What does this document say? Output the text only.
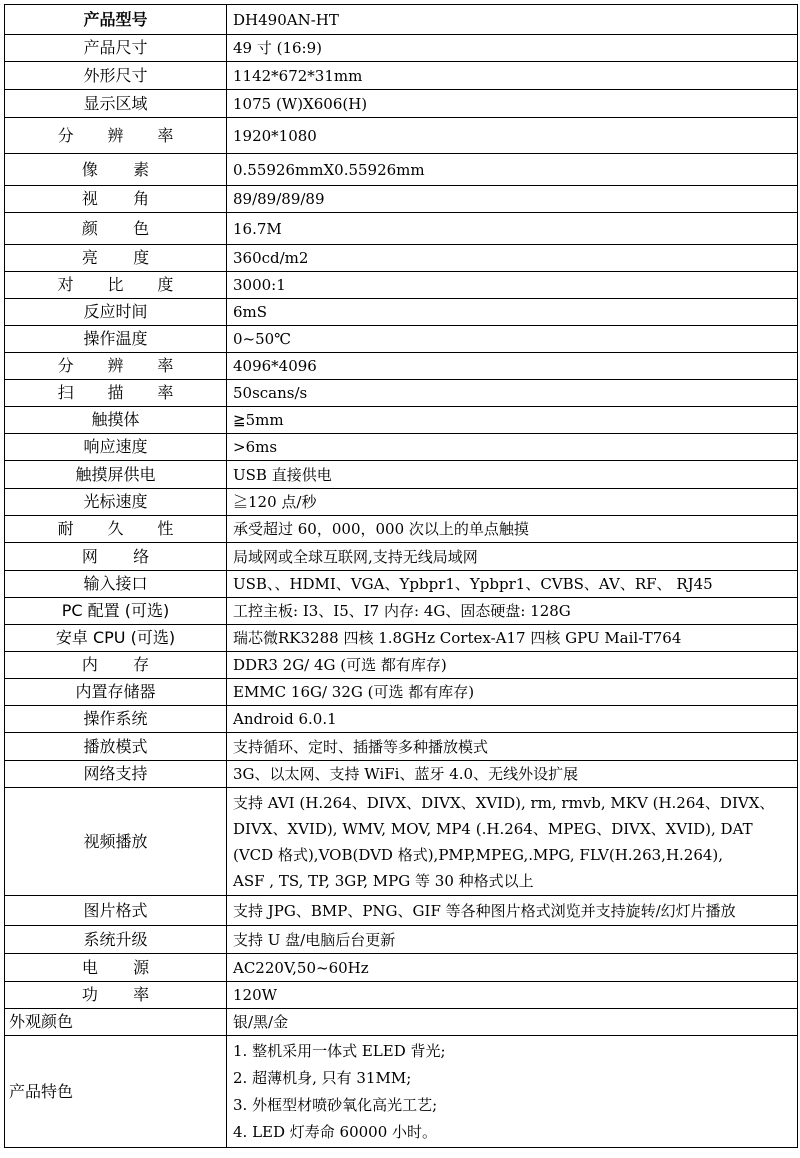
产品型号	DH490AN-HT
产品尺寸	49 寸 (16:9)
外形尺寸	1142*672*31mm
显示区域	1075 (W)X606(H)
分 辨 率	1920*1080
像素	0.55926mmX0.55926mm
视角	89/89/89/89
颜色	16.7M
亮度	360cd/m2
对 比 度	3000:1
反应时间	6mS
操作温度	0~50℃
分 辨 率	4096*4096
扫 描 率	50scans/s
触摸体	≧5mm
响应速度	>6ms
触摸屏供电	USB 直接供电
光标速度	≧120 点/秒
耐 久 性	承受超过 60，000，000 次以上的单点触摸
网络	局域网或全球互联网,支持无线局域网
输入接口	USB、、HDMI、VGA、Ypbpr1、Ypbpr1、CVBS、AV、RF、 RJ45
PC 配置 (可选)	工控主板: I3、I5、I7 内存: 4G、固态硬盘: 128G
安卓 CPU (可选)	瑞芯微RK3288 四核 1.8GHz Cortex-A17 四核 GPU Mail-T764
内存	DDR3 2G/ 4G (可选 都有库存)
内置存储器	EMMC 16G/ 32G (可选 都有库存)
操作系统	Android 6.0.1
播放模式	支持循环、定时、插播等多种播放模式
网络支持	3G、以太网、支持 WiFi、蓝牙 4.0、无线外设扩展
视频播放	支持 AVI (H.264、DIVX、DIVX、XVID), rm, rmvb, MKV (H.264、DIVX、
DIVX、XVID), WMV, MOV, MP4 (.H.264、MPEG、DIVX、XVID), DAT
(VCD 格式),VOB(DVD 格式),PMP,MPEG,.MPG, FLV(H.263,H.264),
ASF , TS, TP, 3GP, MPG 等 30 种格式以上

图片格式	支持 JPG、BMP、PNG、GIF 等各种图片格式浏览并支持旋转/幻灯片播放
系统升级	支持 U 盘/电脑后台更新
电源	AC220V,50~60Hz
功率	120W
外观颜色	银/黑/金
产品特色	1. 整机采用一体式 ELED 背光;
2. 超薄机身, 只有 31MM;
3. 外框型材喷砂氧化高光工艺;
4. LED 灯寿命 60000 小时。
